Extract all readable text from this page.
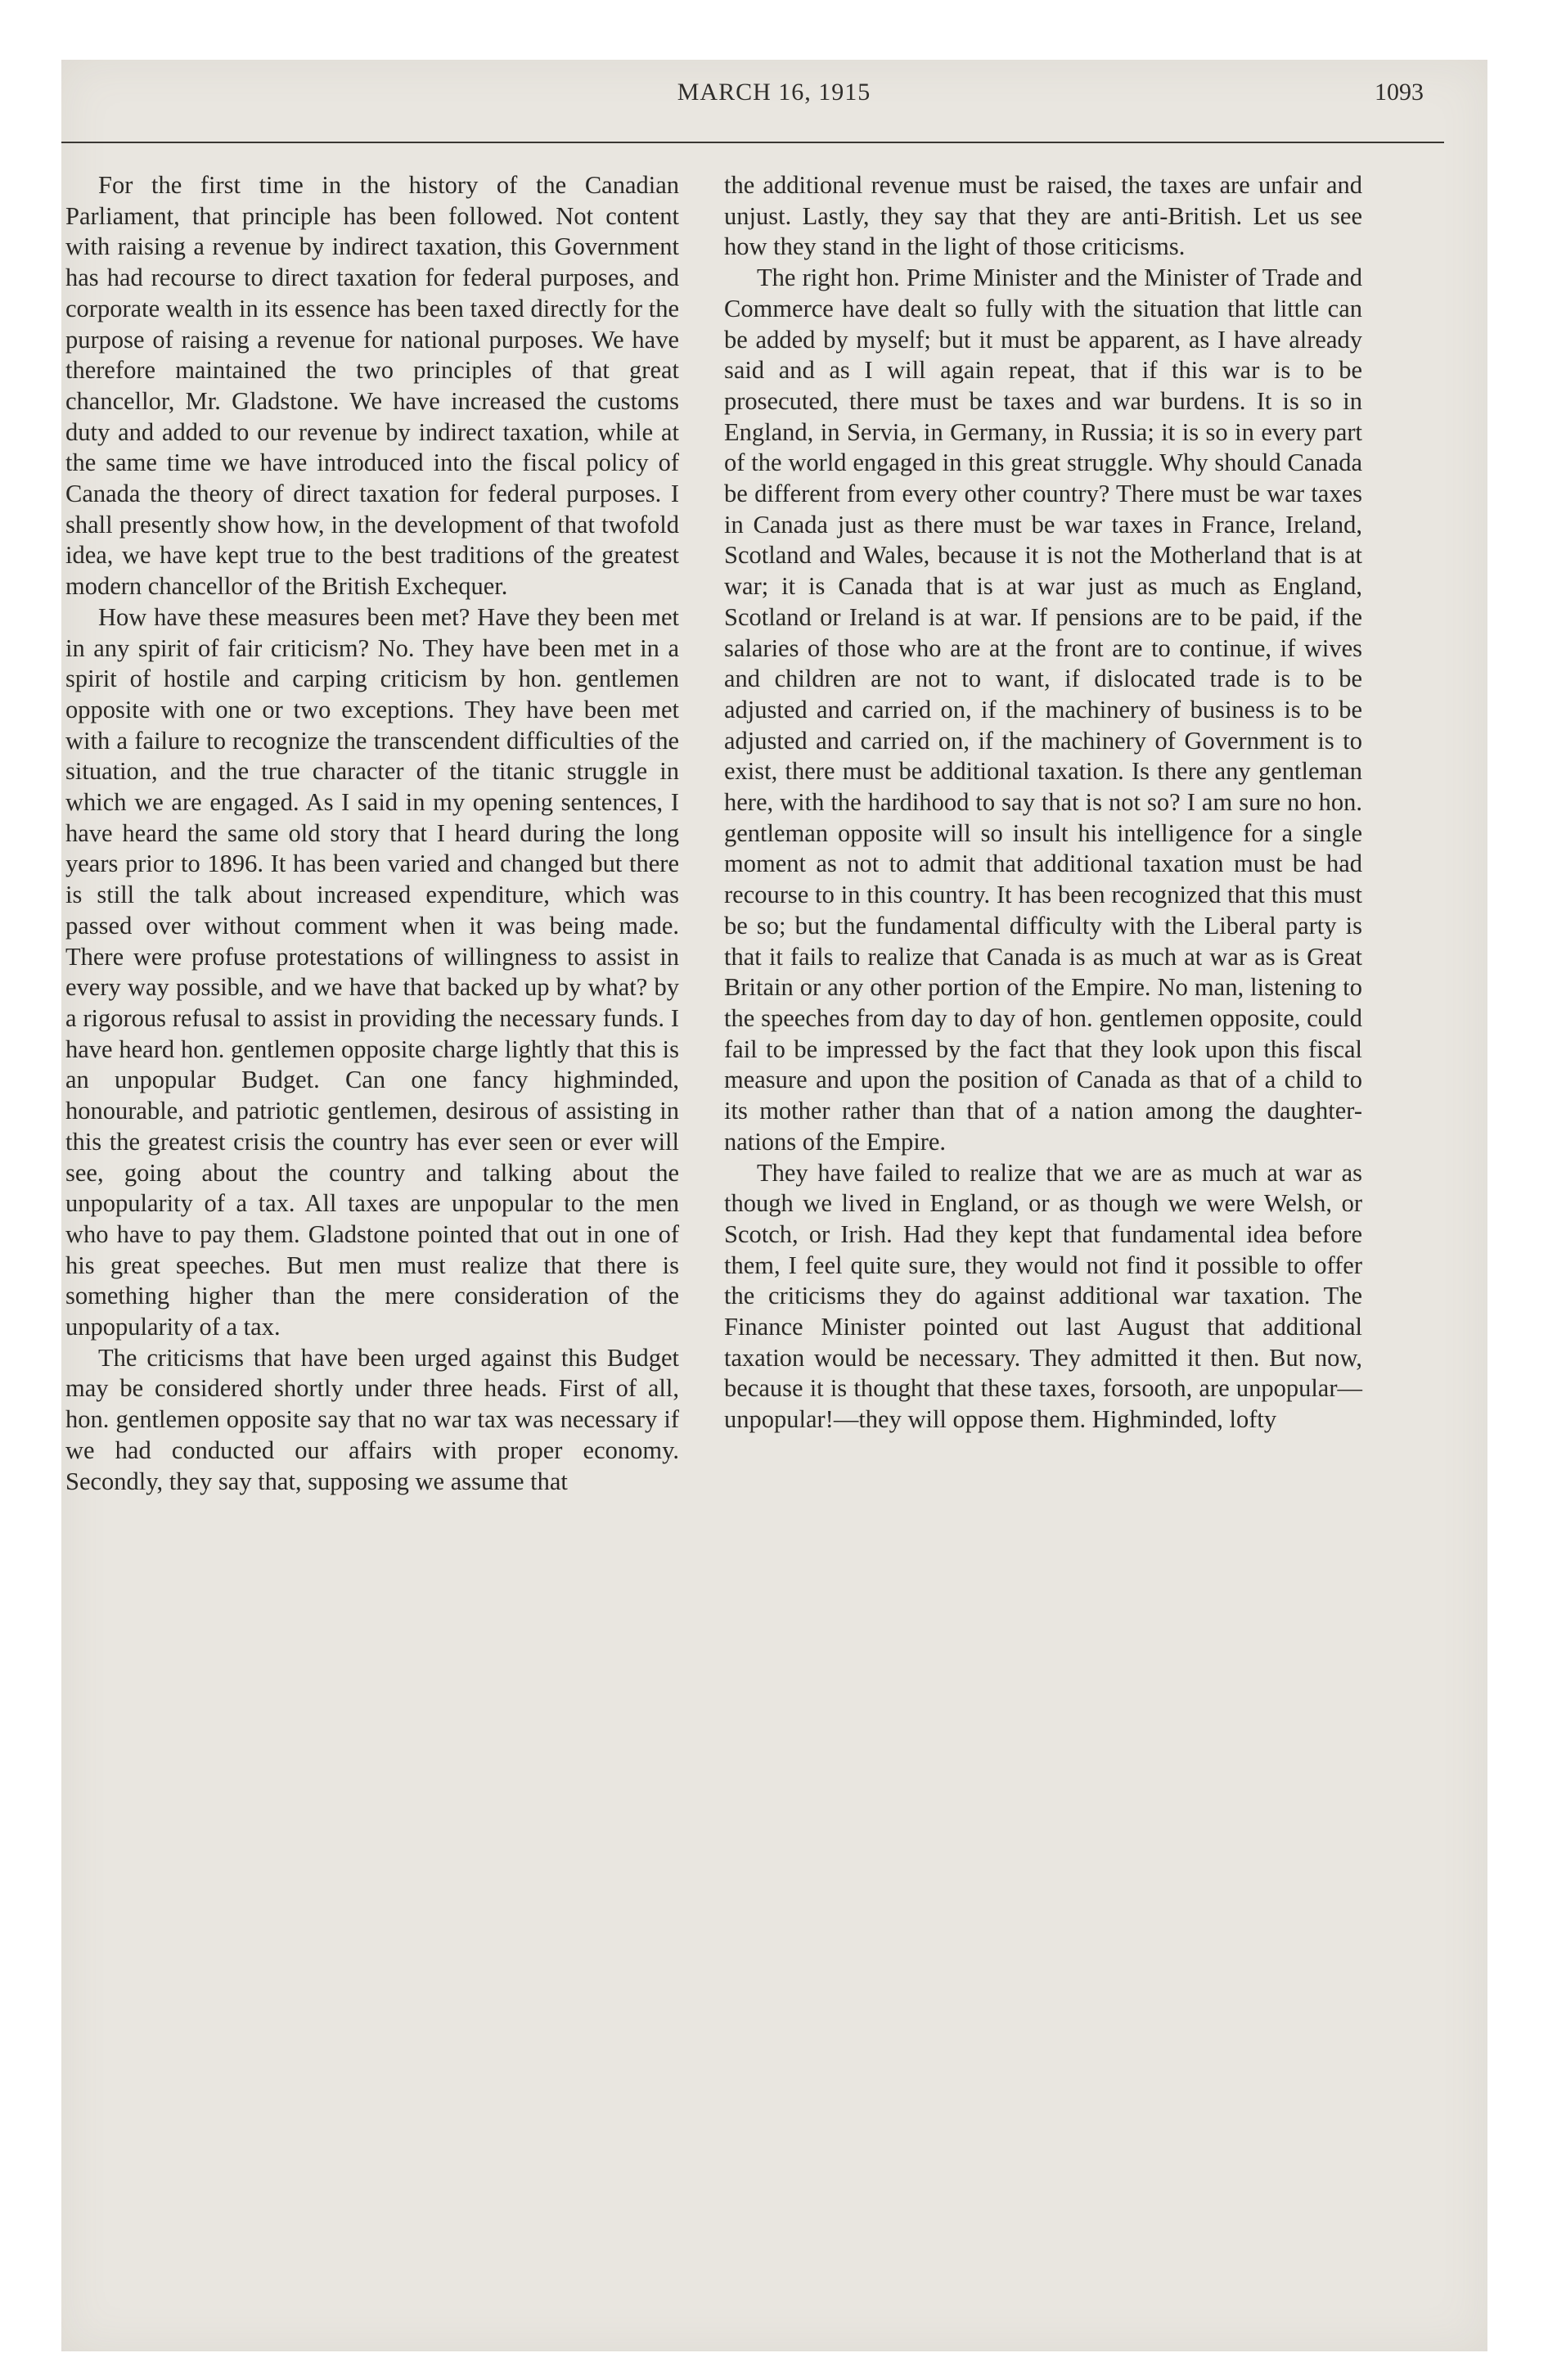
MARCH 16, 1915	1093

For the first time in the history of the Canadian Parliament, that principle has been followed. Not content with raising a revenue by indirect taxation, this Government has had recourse to direct taxation for federal purposes, and corporate wealth in its essence has been taxed directly for the purpose of raising a revenue for national purposes. We have therefore maintained the two principles of that great chancellor, Mr. Gladstone. We have increased the customs duty and added to our revenue by indirect taxation, while at the same time we have introduced into the fiscal policy of Canada the theory of direct taxation for federal purposes. I shall presently show how, in the development of that twofold idea, we have kept true to the best traditions of the greatest modern chancellor of the British Exchequer.

How have these measures been met? Have they been met in any spirit of fair criticism? No. They have been met in a spirit of hostile and carping criticism by hon. gentlemen opposite with one or two exceptions. They have been met with a failure to recognize the transcendent difficulties of the situation, and the true character of the titanic struggle in which we are engaged. As I said in my opening sentences, I have heard the same old story that I heard during the long years prior to 1896. It has been varied and changed but there is still the talk about increased expenditure, which was passed over without comment when it was being made. There were profuse protestations of willingness to assist in every way possible, and we have that backed up by what? by a rigorous refusal to assist in providing the necessary funds. I have heard hon. gentlemen opposite charge lightly that this is an unpopular Budget. Can one fancy highminded, honourable, and patriotic gentlemen, desirous of assisting in this the greatest crisis the country has ever seen or ever will see, going about the country and talking about the unpopularity of a tax. All taxes are unpopular to the men who have to pay them. Gladstone pointed that out in one of his great speeches. But men must realize that there is something higher than the mere consideration of the unpopularity of a tax.

The criticisms that have been urged against this Budget may be considered shortly under three heads. First of all, hon. gentlemen opposite say that no war tax was necessary if we had conducted our affairs with proper economy. Secondly, they say that, supposing we assume that

the additional revenue must be raised, the taxes are unfair and unjust. Lastly, they say that they are anti-British. Let us see how they stand in the light of those criticisms.

The right hon. Prime Minister and the Minister of Trade and Commerce have dealt so fully with the situation that little can be added by myself; but it must be apparent, as I have already said and as I will again repeat, that if this war is to be prosecuted, there must be taxes and war burdens. It is so in England, in Servia, in Germany, in Russia; it is so in every part of the world engaged in this great struggle. Why should Canada be different from every other country? There must be war taxes in Canada just as there must be war taxes in France, Ireland, Scotland and Wales, because it is not the Motherland that is at war; it is Canada that is at war just as much as England, Scotland or Ireland is at war. If pensions are to be paid, if the salaries of those who are at the front are to continue, if wives and children are not to want, if dislocated trade is to be adjusted and carried on, if the machinery of business is to be adjusted and carried on, if the machinery of Government is to exist, there must be additional taxation. Is there any gentleman here, with the hardihood to say that is not so? I am sure no hon. gentleman opposite will so insult his intelligence for a single moment as not to admit that additional taxation must be had recourse to in this country. It has been recognized that this must be so; but the fundamental difficulty with the Liberal party is that it fails to realize that Canada is as much at war as is Great Britain or any other portion of the Empire. No man, listening to the speeches from day to day of hon. gentlemen opposite, could fail to be impressed by the fact that they look upon this fiscal measure and upon the position of Canada as that of a child to its mother rather than that of a nation among the daughter-nations of the Empire.

They have failed to realize that we are as much at war as though we lived in England, or as though we were Welsh, or Scotch, or Irish. Had they kept that fundamental idea before them, I feel quite sure, they would not find it possible to offer the criticisms they do against additional war taxation. The Finance Minister pointed out last August that additional taxation would be necessary. They admitted it then. But now, because it is thought that these taxes, forsooth, are unpopular—unpopular!—they will oppose them. Highminded, lofty
